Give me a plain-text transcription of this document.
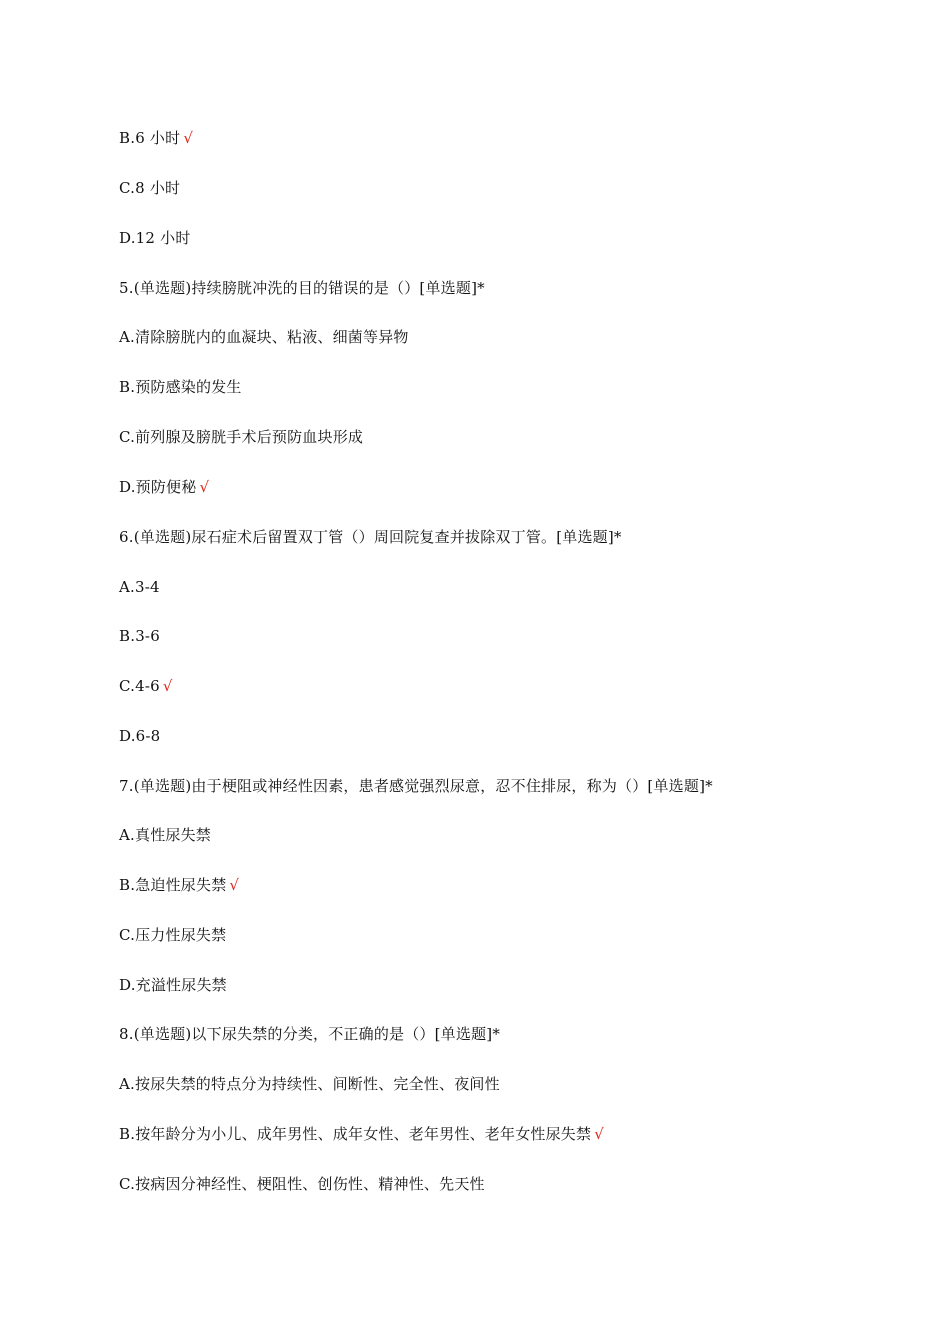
B.6 小时 √
C.8 小时
D.12 小时
5.(单选题)持续膀胱冲洗的目的错误的是（）[单选题]*
A.清除膀胱内的血凝块、粘液、细菌等异物
B.预防感染的发生
C.前列腺及膀胱手术后预防血块形成
D.预防便秘 √
6.(单选题)尿石症术后留置双丁管（）周回院复查并拔除双丁管。[单选题]*
A.3-4
B.3-6
C.4-6 √
D.6-8
7.(单选题)由于梗阻或神经性因素，患者感觉强烈尿意，忍不住排尿，称为（）[单选题]*
A.真性尿失禁
B.急迫性尿失禁 √
C.压力性尿失禁
D.充溢性尿失禁
8.(单选题)以下尿失禁的分类，不正确的是（）[单选题]*
A.按尿失禁的特点分为持续性、间断性、完全性、夜间性
B.按年龄分为小儿、成年男性、成年女性、老年男性、老年女性尿失禁 √
C.按病因分神经性、梗阻性、创伤性、精神性、先天性
